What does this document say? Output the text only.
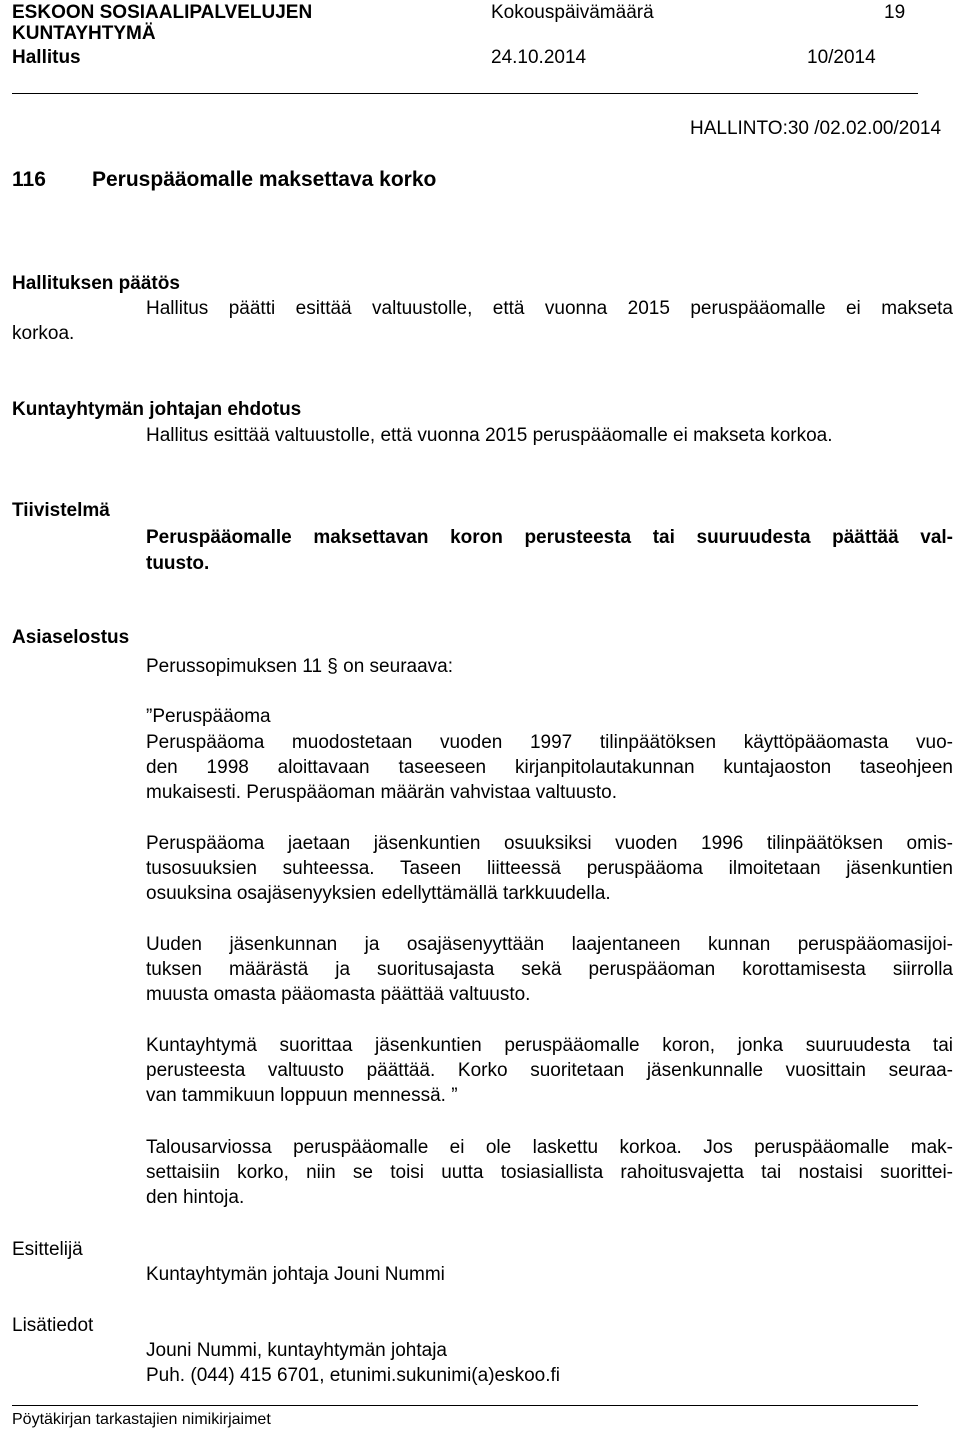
ESKOON SOSIAALIPALVELUJEN	Kokouspäivämäärä	19
KUNTAYHTYMÄ
Hallitus	24.10.2014	10/2014
HALLINTO:30 /02.02.00/2014
116 Peruspääomalle maksettava korko
Hallituksen päätös
Hallitus päätti esittää valtuustolle, että vuonna 2015 peruspääomalle ei makseta
korkoa.
Kuntayhtymän johtajan ehdotus
Hallitus esittää valtuustolle, että vuonna 2015 peruspääomalle ei makseta korkoa.
Tiivistelmä
Peruspääomalle maksettavan koron perusteesta tai suuruudesta päättää val-
tuusto.
Asiaselostus
Perussopimuksen 11 § on seuraava:
”Peruspääoma
Peruspääoma muodostetaan vuoden 1997 tilinpäätöksen käyttöpääomasta vuo-
den 1998 aloittavaan taseeseen kirjanpitolautakunnan kuntajaoston taseohjeen
mukaisesti. Peruspääoman määrän vahvistaa valtuusto.
Peruspääoma jaetaan jäsenkuntien osuuksiksi vuoden 1996 tilinpäätöksen omis-
tusosuuksien suhteessa. Taseen liitteessä peruspääoma ilmoitetaan jäsenkuntien
osuuksina osajäsenyyksien edellyttämällä tarkkuudella.
Uuden jäsenkunnan ja osajäsenyyttään laajentaneen kunnan peruspääomasijoi-
tuksen määrästä ja suoritusajasta sekä peruspääoman korottamisesta siirrolla
muusta omasta pääomasta päättää valtuusto.
Kuntayhtymä suorittaa jäsenkuntien peruspääomalle koron, jonka suuruudesta tai
perusteesta valtuusto päättää. Korko suoritetaan jäsenkunnalle vuosittain seuraa-
van tammikuun loppuun mennessä. ”
Talousarviossa peruspääomalle ei ole laskettu korkoa. Jos peruspääomalle mak-
settaisiin korko, niin se toisi uutta tosiasiallista rahoitusvajetta tai nostaisi suorittei-
den hintoja.
Esittelijä
Kuntayhtymän johtaja Jouni Nummi
Lisätiedot
Jouni Nummi, kuntayhtymän johtaja
Puh. (044) 415 6701, etunimi.sukunimi(a)eskoo.fi
Pöytäkirjan tarkastajien nimikirjaimet
